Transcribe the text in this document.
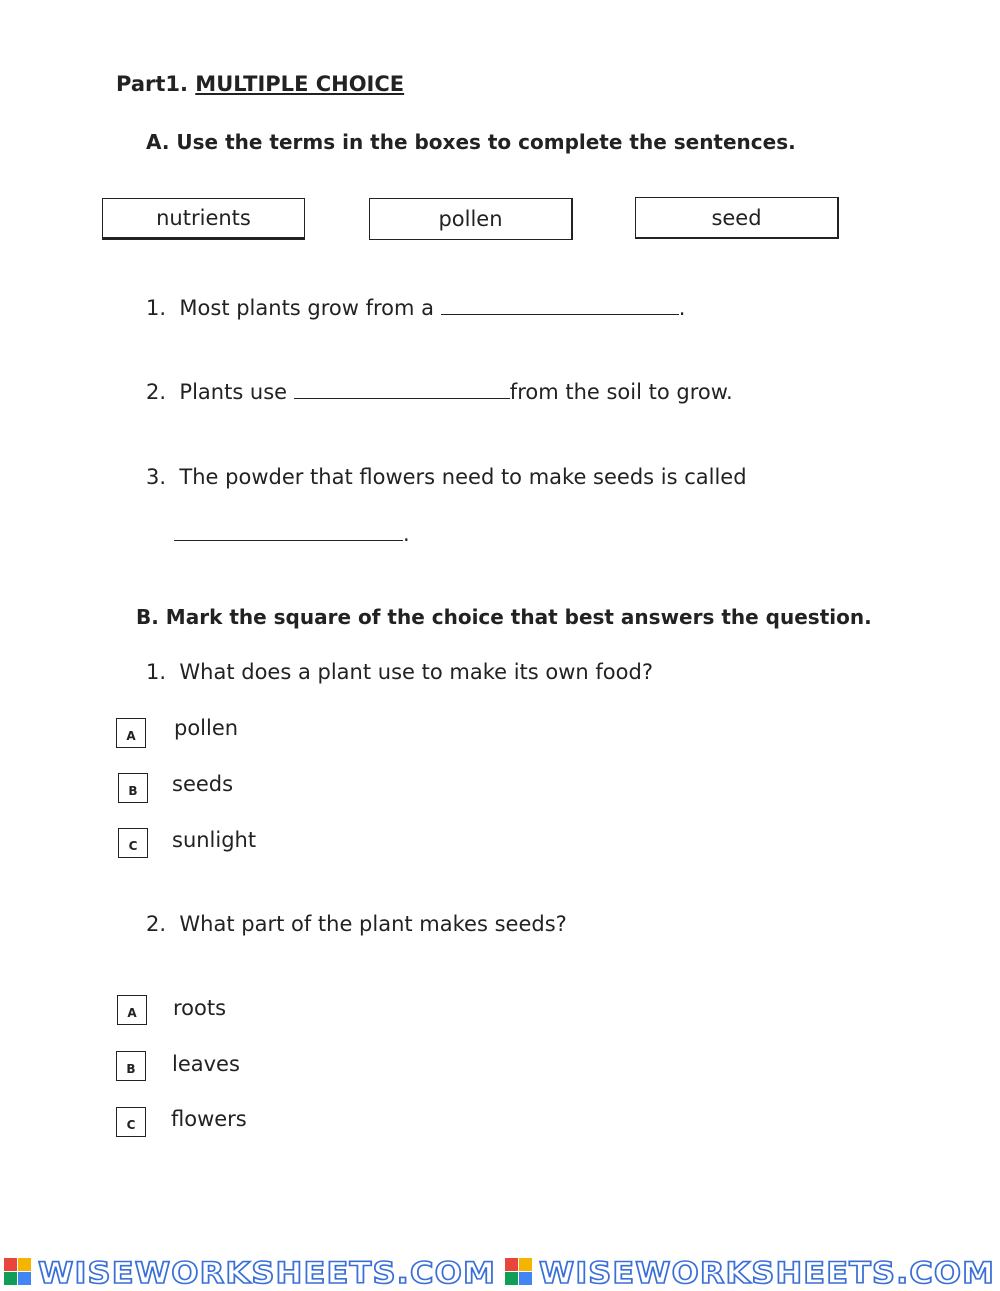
Part1. MULTIPLE CHOICE
A. Use the terms in the boxes to complete the sentences.
nutrients	pollen	seed
1. Most plants grow from a	.
2. Plants use	from the soil to grow.
3. The powder that flowers need to make seeds is called
.
B. Mark the square of the choice that best answers the question.
1. What does a plant use to make its own food?
A pollen
B seeds
C sunlight
2. What part of the plant makes seeds?
A roots
B leaves
C flowers
WISEWORKSHEETS.COM WISEWORKSHEETS.COM
